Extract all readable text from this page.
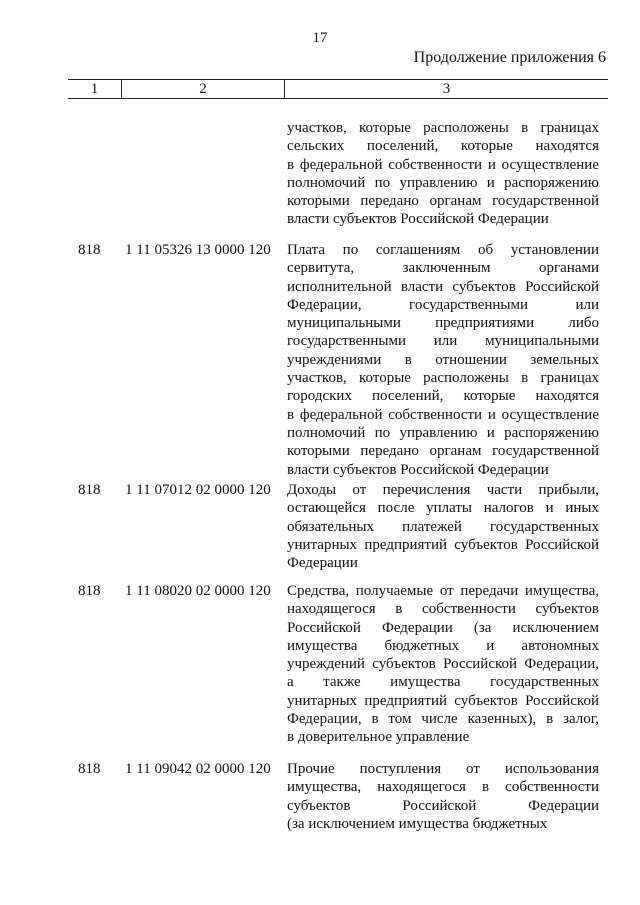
17
Продолжение приложения 6
1	2	3
участков, которые расположены в границах
сельских поселений, которые находятся
в федеральной собственности и осуществление
полномочий по управлению и распоряжению
которыми передано органам государственной
власти субъектов Российской Федерации
818	1 11 05326 13 0000 120	Плата по соглашениям об установлении
сервитута, заключенным органами
исполнительной власти субъектов Российской
Федерации, государственными или
муниципальными предприятиями либо
государственными или муниципальными
учреждениями в отношении земельных
участков, которые расположены в границах
городских поселений, которые находятся
в федеральной собственности и осуществление
полномочий по управлению и распоряжению
которыми передано органам государственной
власти субъектов Российской Федерации
818	1 11 07012 02 0000 120	Доходы от перечисления части прибыли,
остающейся после уплаты налогов и иных
обязательных платежей государственных
унитарных предприятий субъектов Российской
Федерации
818	1 11 08020 02 0000 120	Средства, получаемые от передачи имущества,
находящегося в собственности субъектов
Российской Федерации (за исключением
имущества бюджетных и автономных
учреждений субъектов Российской Федерации,
а также имущества государственных
унитарных предприятий субъектов Российской
Федерации, в том числе казенных), в залог,
в доверительное управление
818	1 11 09042 02 0000 120	Прочие поступления от использования
имущества, находящегося в собственности
субъектов Российской Федерации
(за исключением имущества бюджетных
